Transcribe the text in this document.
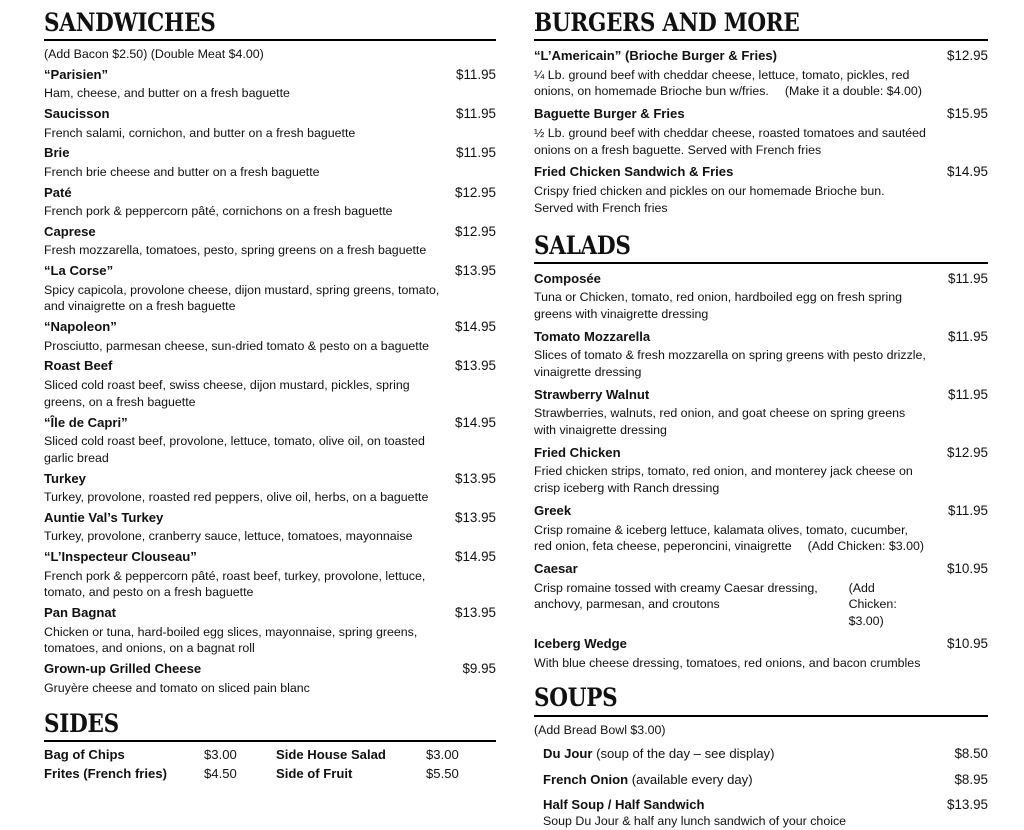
SANDWICHES
(Add Bacon $2.50) (Double Meat $4.00)
“Parisien”	$11.95
Ham, cheese, and butter on a fresh baguette
Saucisson	$11.95
French salami, cornichon, and butter on a fresh baguette
Brie	$11.95
French brie cheese and butter on a fresh baguette
Paté	$12.95
French pork & peppercorn pâté, cornichons on a fresh baguette
Caprese	$12.95
Fresh mozzarella, tomatoes, pesto, spring greens on a fresh baguette
“La Corse”	$13.95
Spicy capicola, provolone cheese, dijon mustard, spring greens, tomato, and vinaigrette on a fresh baguette
“Napoleon”	$14.95
Prosciutto, parmesan cheese, sun-dried tomato & pesto on a baguette
Roast Beef	$13.95
Sliced cold roast beef, swiss cheese, dijon mustard, pickles, spring greens, on a fresh baguette
“Île de Capri”	$14.95
Sliced cold roast beef, provolone, lettuce, tomato, olive oil, on toasted garlic bread
Turkey	$13.95
Turkey, provolone, roasted red peppers, olive oil, herbs, on a baguette
Auntie Val’s Turkey	$13.95
Turkey, provolone, cranberry sauce, lettuce, tomatoes, mayonnaise
“L’Inspecteur Clouseau”	$14.95
French pork & peppercorn pâté, roast beef, turkey, provolone, lettuce, tomato, and pesto on a fresh baguette
Pan Bagnat	$13.95
Chicken or tuna, hard-boiled egg slices, mayonnaise, spring greens, tomatoes, and onions, on a bagnat roll
Grown-up Grilled Cheese	$9.95
Gruyère cheese and tomato on sliced pain blanc
SIDES
Bag of Chips	$3.00	Side House Salad	$3.00
Frites (French fries)	$4.50	Side of Fruit	$5.50
BURGERS AND MORE
“L’Americain” (Brioche Burger & Fries)	$12.95
¼ Lb. ground beef with cheddar cheese, lettuce, tomato, pickles, red onions, on homemade Brioche bun w/fries. (Make it a double: $4.00)
Baguette Burger & Fries	$15.95
½ Lb. ground beef with cheddar cheese, roasted tomatoes and sautéed onions on a fresh baguette. Served with French fries
Fried Chicken Sandwich & Fries	$14.95
Crispy fried chicken and pickles on our homemade Brioche bun. Served with French fries
SALADS
Composée	$11.95
Tuna or Chicken, tomato, red onion, hardboiled egg on fresh spring greens with vinaigrette dressing
Tomato Mozzarella	$11.95
Slices of tomato & fresh mozzarella on spring greens with pesto drizzle, vinaigrette dressing
Strawberry Walnut	$11.95
Strawberries, walnuts, red onion, and goat cheese on spring greens with vinaigrette dressing
Fried Chicken	$12.95
Fried chicken strips, tomato, red onion, and monterey jack cheese on crisp iceberg with Ranch dressing
Greek	$11.95
Crisp romaine & iceberg lettuce, kalamata olives, tomato, cucumber, red onion, feta cheese, peperoncini, vinaigrette (Add Chicken: $3.00)
Caesar	$10.95
Crisp romaine tossed with creamy Caesar dressing, anchovy, parmesan, and croutons
(Add Chicken: $3.00)
Iceberg Wedge	$10.95
With blue cheese dressing, tomatoes, red onions, and bacon crumbles
SOUPS
(Add Bread Bowl $3.00)
Du Jour (soup of the day – see display)	$8.50
French Onion (available every day)	$8.95
Half Soup / Half Sandwich	$13.95
Soup Du Jour & half any lunch sandwich of your choice
